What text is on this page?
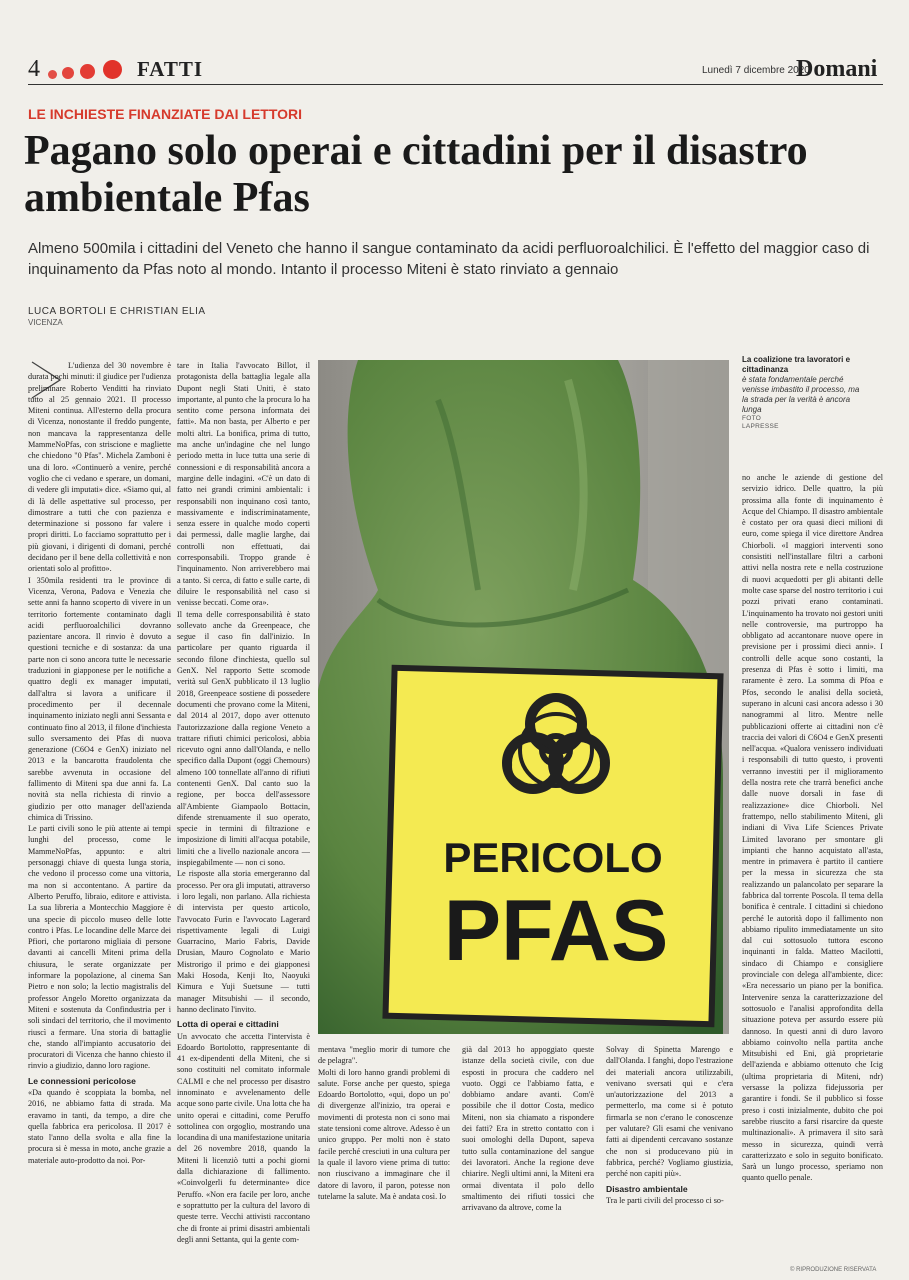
4	FATTI	Lunedì 7 dicembre 2020
Domani
LE INCHIESTE FINANZIATE DAI LETTORI
Pagano solo operai e cittadini per il disastro ambientale Pfas
Almeno 500mila i cittadini del Veneto che hanno il sangue contaminato da acidi perfluoroalchilici. È l'effetto del maggior caso di inquinamento da Pfas noto al mondo. Intanto il processo Miteni è stato rinviato a gennaio
LUCA BORTOLI E CHRISTIAN ELIA
VICENZA

L'udienza del 30 novembre è durata pochi minuti: il giudice per l'udienza preliminare Roberto Venditti ha rinviato tutto al 25 gennaio 2021. Il processo Miteni continua. All'esterno della procura di Vicenza, nonostante il freddo pungente, non mancava la rappresentanza delle MammeNoPfas, con striscione e magliette che chiedono "0 Pfas". Michela Zamboni è una di loro. «Continuerò a venire, perché voglio che ci vedano e sperare, un domani, di vedere gli imputati» dice. «Siamo qui, al di là delle aspettative sul processo, per dimostrare a tutti che con pazienza e determinazione si possono far valere i propri diritti. Lo facciamo soprattutto per i più giovani, i dirigenti di domani, perché decidano per il bene della collettività e non orientati solo al profitto».

I 350mila residenti tra le province di Vicenza, Verona, Padova e Venezia che sette anni fa hanno scoperto di vivere in un territorio fortemente contaminato dagli acidi perfluoroalchilici dovranno pazientare ancora. Il rinvio è dovuto a questioni tecniche e di sostanza: da una parte non ci sono ancora tutte le necessarie traduzioni in giapponese per le notifiche a quattro degli ex manager imputati, dall'altra si lavora a unificare il procedimento per il decennale inquinamento iniziato negli anni Sessanta e continuato fino al 2013, il filone d'inchiesta sullo sversamento dei Pfas di nuova generazione (C6O4 e GenX) iniziato nel 2013 e la bancarotta fraudolenta che sarebbe avvenuta in occasione del fallimento di Miteni spa due anni fa. La novità sta nella richiesta di rinvio a giudizio per otto manager dell'azienda chimica di Trissino.

Le parti civili sono le più attente ai tempi lunghi del processo, come le MammeNoPfas, appunto: e altri personaggi chiave di questa lunga storia, che vedono il processo come una vittoria, ma non si accontentano. A partire da Alberto Peruffo, libraio, editore e attivista. La sua libreria a Montecchio Maggiore è una specie di piccolo museo delle lotte contro i Pfas. Le locandine delle Marce dei Pfiori, che portarono migliaia di persone davanti ai cancelli Miteni prima della chiusura, le serate organizzate per informare la popolazione, al cinema San Pietro e non solo; la lectio magistralis del professor Angelo Moretto organizzata da Miteni e sostenuta da Confindustria per i soli sindaci del territorio, che il movimento riuscì a fermare. Una storia di battaglie che, stando all'impianto accusatorio dei procuratori di Vicenza che hanno chiesto il rinvio a giudizio, danno loro ragione.

Le connessioni pericolose

«Da quando è scoppiata la bomba, nel 2016, ne abbiamo fatta di strada. Ma eravamo in tanti, da tempo, a dire che quella fabbrica era pericolosa. Il 2017 è stato l'anno della svolta e alla fine la procura si è messa in moto, anche grazie a materiale auto-prodotto da noi. Por-

tare in Italia l'avvocato Billot, il protagonista della battaglia legale alla Dupont negli Stati Uniti, è stato importante, al punto che la procura lo ha sentito come persona informata dei fatti». Ma non basta, per Alberto e per molti altri. La bonifica, prima di tutto, ma anche un'indagine che nel lungo periodo metta in luce tutta una serie di connessioni e di responsabilità ancora a margine delle indagini. «C'è un dato di fatto nei grandi crimini ambientali: i responsabili non inquinano così tanto, massivamente e indiscriminatamente, senza essere in qualche modo coperti dai permessi, dalle maglie larghe, dai controlli non effettuati, dai corresponsabili. Troppo grande è l'inquinamento. Non arriverebbero mai a tanto. Si cerca, di fatto e sulle carte, di diluire le responsabilità nel caso si venisse beccati. Come ora».

Il tema delle corresponsabilità è stato sollevato anche da Greenpeace, che segue il caso fin dall'inizio. In particolare per quanto riguarda il secondo filone d'inchiesta, quello sul GenX. Nel rapporto Sette scomode verità sul GenX pubblicato il 13 luglio 2018, Greenpeace sostiene di possedere documenti che provano come la Miteni, dal 2014 al 2017, dopo aver ottenuto l'autorizzazione dalla regione Veneto a trattare rifiuti chimici pericolosi, abbia ricevuto ogni anno dall'Olanda, e nello specifico dalla Dupont (oggi Chemours) almeno 100 tonnellate all'anno di rifiuti contenenti GenX. Dal canto suo la regione, per bocca dell'assessore all'Ambiente Giampaolo Bottacin, difende strenuamente il suo operato, specie in termini di filtrazione e imposizione di limiti all'acqua potabile, limiti che a livello nazionale ancora — inspiegabilmente — non ci sono.

Le risposte alla storia emergeranno dal processo. Per ora gli imputati, attraverso i loro legali, non parlano. Alla richiesta di intervista per questo articolo, l'avvocato Furin e l'avvocato Lagerard rispettivamente legali di Luigi Guarracino, Mario Fabris, Davide Drusian, Mauro Cognolato e Mario Mistrorigo il primo e dei giapponesi Maki Hosoda, Kenji Ito, Naoyuki Kimura e Yuji Suetsune — tutti manager Mitsubishi — il secondo, hanno declinato l'invito.

Lotta di operai e cittadini

Un avvocato che accetta l'intervista è Edoardo Bortolotto, rappresentante di 41 ex-dipendenti della Miteni, che si sono costituiti nel comitato informale CALMI e che nel processo per disastro innominato e avvelenamento delle acque sono parte civile. Una lotta che ha unito operai e cittadini, come Peruffo sottolinea con orgoglio, mostrando una locandina di una manifestazione unitaria del 26 novembre 2018, quando la Miteni li licenziò tutti a pochi giorni dalla dichiarazione di fallimento. «Coinvolgerli fu determinante» dice Peruffo. «Non era facile per loro, anche e soprattutto per la cultura del lavoro di queste terre. Vecchi attivisti raccontano che di fronte ai primi disastri ambientali degli anni Settanta, qui la gente com-

PERICOLO
PFAS
La coalizione tra lavoratori e cittadinanza
è stata fondamentale perché venisse imbastito il processo, ma la strada per la verità è ancora lunga
FOTO
LAPRESSE

mentava "meglio morir di tumore che de pelagra".

Molti di loro hanno grandi problemi di salute. Forse anche per questo, spiega Edoardo Bortolotto, «qui, dopo un po' di divergenze all'inizio, tra operai e movimenti di protesta non ci sono mai state tensioni come altrove. Adesso è un unico gruppo. Per molti non è stato facile perché cresciuti in una cultura per la quale il lavoro viene prima di tutto: non riuscivano a immaginare che il datore di lavoro, il paron, potesse non tutelarne la salute. Ma è andata così. Io

già dal 2013 ho appoggiato queste istanze della società civile, con due esposti in procura che caddero nel vuoto. Oggi ce l'abbiamo fatta, e dobbiamo andare avanti. Com'è possibile che il dottor Costa, medico Miteni, non sia chiamato a rispondere dei fatti? Era in stretto contatto con i suoi omologhi della Dupont, sapeva tutto sulla contaminazione del sangue dei lavoratori. Anche la regione deve chiarire. Negli ultimi anni, la Miteni era ormai diventata il polo dello smaltimento dei rifiuti tossici che arrivavano da altrove, come la

Solvay di Spinetta Marengo e dall'Olanda. I fanghi, dopo l'estrazione dei materiali ancora utilizzabili, venivano sversati qui e c'era un'autorizzazione del 2013 a permetterlo, ma come si è potuto firmarla se non c'erano le conoscenze per valutare? Gli esami che venivano fatti ai dipendenti cercavano sostanze che non si producevano più in fabbrica, perché? Vogliamo giustizia, perché non capiti più».

Disastro ambientale

Tra le parti civili del processo ci so-

no anche le aziende di gestione del servizio idrico. Delle quattro, la più prossima alla fonte di inquinamento è Acque del Chiampo. Il disastro ambientale è costato per ora quasi dieci milioni di euro, come spiega il vice direttore Andrea Chiorboli. «I maggiori interventi sono consistiti nell'installare filtri a carboni attivi nella nostra rete e nella costruzione di nuovi acquedotti per gli abitanti delle molte case sparse del nostro territorio i cui pozzi privati erano contaminati. L'inquinamento ha trovato noi gestori uniti nelle controversie, ma purtroppo ha obbligato ad accantonare nuove opere in previsione per i prossimi dieci anni». I controlli delle acque sono costanti, la presenza di Pfas è sotto i limiti, ma raramente è zero. La somma di Pfoa e Pfos, secondo le analisi della società, superano in alcuni casi ancora adesso i 30 nanogrammi al litro. Mentre nelle pubblicazioni offerte ai cittadini non c'è traccia dei valori di C6O4 e GenX presenti nell'acqua. «Qualora venissero individuati i responsabili di tutto questo, i proventi verranno investiti per il miglioramento della nostra rete che trarrà benefici anche dalle nuove dorsali in fase di realizzazione» dice Chiorboli. Nel frattempo, nello stabilimento Miteni, gli indiani di Viva Life Sciences Private Limited lavorano per smontare gli impianti che hanno acquistato all'asta, mentre in primavera è partito il cantiere per la messa in sicurezza che sta realizzando un palancolato per separare la fabbrica dal torrente Poscola. Il tema della bonifica è centrale. I cittadini si chiedono perché le autorità dopo il fallimento non abbiamo ripulito immediatamente un sito dal cui sottosuolo tuttora escono inquinanti in falda. Matteo Macilotti, sindaco di Chiampo e consigliere provinciale con delega all'ambiente, dice: «Era necessario un piano per la bonifica. Intervenire senza la caratterizzazione del sottosuolo e l'analisi approfondita della situazione poteva per assurdo essere più dannoso. In questi anni di duro lavoro abbiamo coinvolto nella partita anche Mitsubishi ed Eni, già proprietarie dell'azienda e abbiamo ottenuto che Icig (ultima proprietaria di Miteni, ndr) versasse la polizza fidejussoria per garantire i fondi. Se il pubblico si fosse preso i costi inizialmente, dubito che poi sarebbe riuscito a farsi risarcire da queste multinazionali». A primavera il sito sarà messo in sicurezza, quindi verrà caratterizzato e solo in seguito bonificato. Sarà un lungo processo, speriamo non quanto quello penale.

© RIPRODUZIONE RISERVATA
